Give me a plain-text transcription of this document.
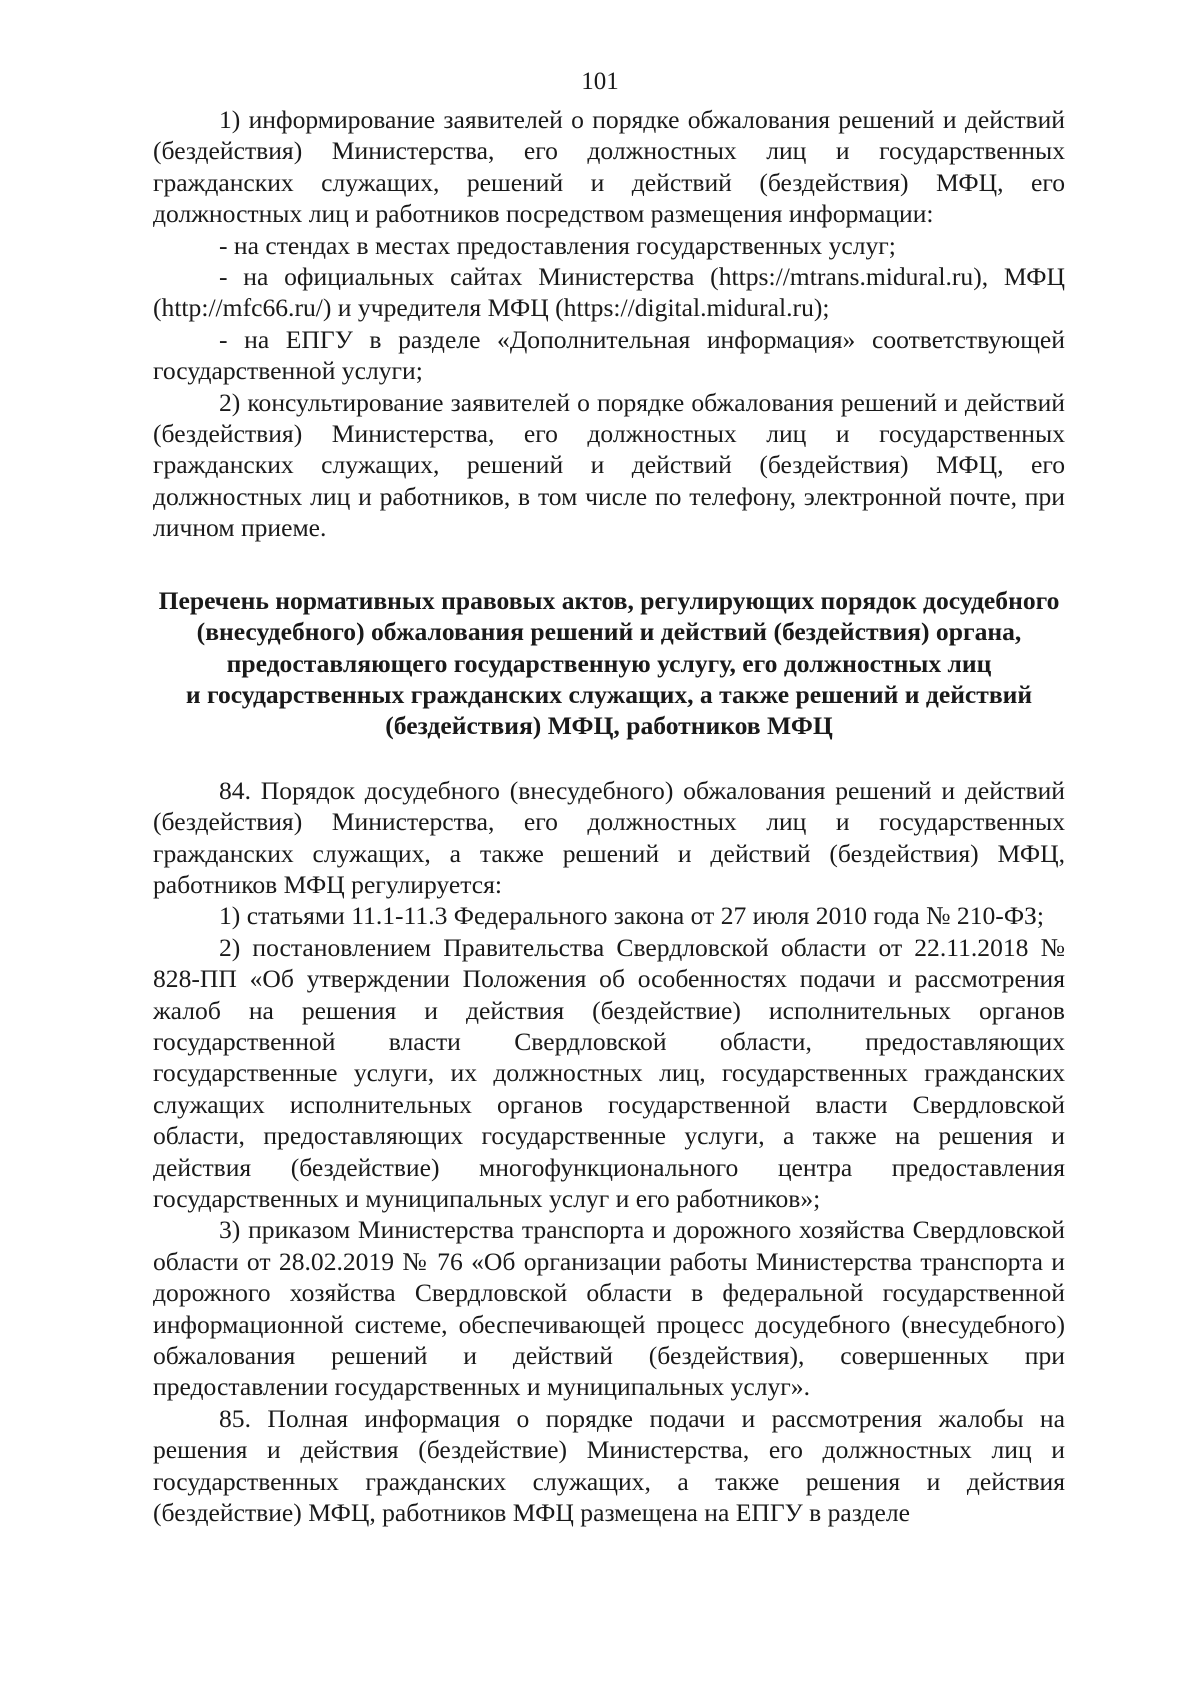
101

1) информирование заявителей о порядке обжалования решений и действий (бездействия) Министерства, его должностных лиц и государственных гражданских служащих, решений и действий (бездействия) МФЦ, его должностных лиц и работников посредством размещения информации:

- на стендах в местах предоставления государственных услуг;

- на официальных сайтах Министерства (https://mtrans.midural.ru), МФЦ (http://mfc66.ru/) и учредителя МФЦ (https://digital.midural.ru);

- на ЕПГУ в разделе «Дополнительная информация» соответствующей государственной услуги;

2) консультирование заявителей о порядке обжалования решений и действий (бездействия) Министерства, его должностных лиц и государственных гражданских служащих, решений и действий (бездействия) МФЦ, его должностных лиц и работников, в том числе по телефону, электронной почте, при личном приеме.

Перечень нормативных правовых актов, регулирующих порядок досудебного
(внесудебного) обжалования решений и действий (бездействия) органа,
предоставляющего государственную услугу, его должностных лиц
и государственных гражданских служащих, а также решений и действий
(бездействия) МФЦ, работников МФЦ

84. Порядок досудебного (внесудебного) обжалования решений и действий (бездействия) Министерства, его должностных лиц и государственных гражданских служащих, а также решений и действий (бездействия) МФЦ, работников МФЦ регулируется:

1) статьями 11.1-11.3 Федерального закона от 27 июля 2010 года № 210-ФЗ;

2) постановлением Правительства Свердловской области от 22.11.2018 № 828-ПП «Об утверждении Положения об особенностях подачи и рассмотрения жалоб на решения и действия (бездействие) исполнительных органов государственной власти Свердловской области, предоставляющих государственные услуги, их должностных лиц, государственных гражданских служащих исполнительных органов государственной власти Свердловской области, предоставляющих государственные услуги, а также на решения и действия (бездействие) многофункционального центра предоставления государственных и муниципальных услуг и его работников»;

3) приказом Министерства транспорта и дорожного хозяйства Свердловской области от 28.02.2019 № 76 «Об организации работы Министерства транспорта и дорожного хозяйства Свердловской области в федеральной государственной информационной системе, обеспечивающей процесс досудебного (внесудебного) обжалования решений и действий (бездействия), совершенных при предоставлении государственных и муниципальных услуг».

85. Полная информация о порядке подачи и рассмотрения жалобы на решения и действия (бездействие) Министерства, его должностных лиц и государственных гражданских служащих, а также решения и действия (бездействие) МФЦ, работников МФЦ размещена на ЕПГУ в разделе
